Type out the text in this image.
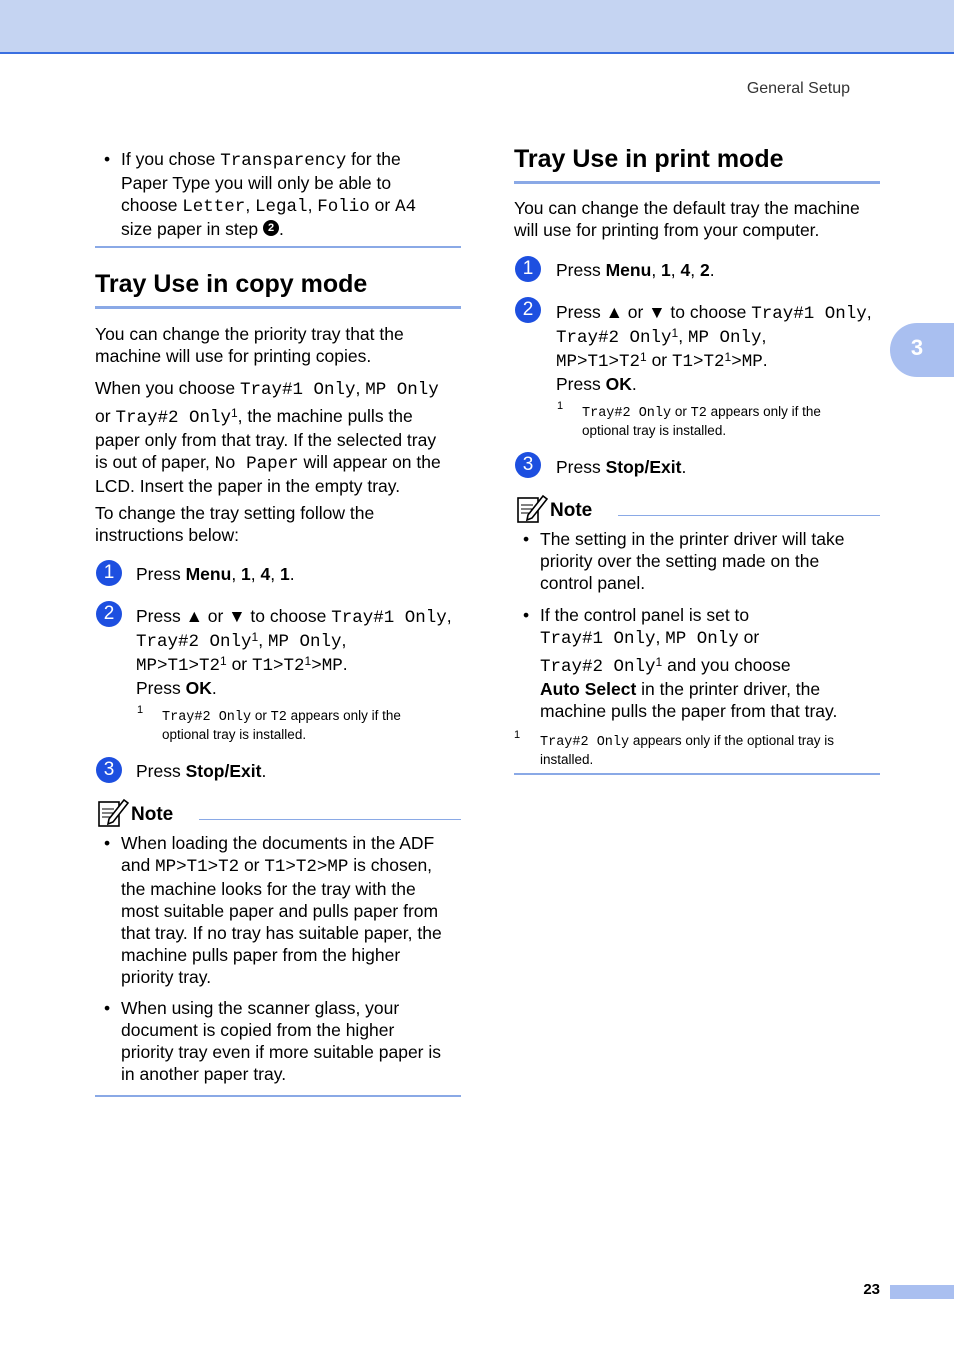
General Setup
3
• If you chose Transparency for the
Paper Type you will only be able to
choose Letter, Legal, Folio or A4
size paper in step 2 .
Tray Use in copy mode
You can change the priority tray that the
machine will use for printing copies.
When you choose Tray#1 Only, MP Only
or Tray#2 Only$^1$, the machine pulls the
paper only from that tray. If the selected tray
is out of paper, No Paper will appear on the
LCD. Insert the paper in the empty tray.
To change the tray setting follow the
instructions below:
1	Press Menu, 1, 4, 1.
2	Press ▲ or ▼ to choose Tray#1 Only,
Tray#2 Only$^1$, MP Only,
$MP>T1>T2^1$ or $T1>T2^1>MP$.
Press OK.
1 Tray#2 Only or T2 appears only if the
optional tray is installed.
3	Press Stop/Exit.
Note
• When loading the documents in the ADF
and MP>T1>T2 or T1>T2>MP is chosen,
the machine looks for the tray with the
most suitable paper and pulls paper from
that tray. If no tray has suitable paper, the
machine pulls paper from the higher
priority tray.
• When using the scanner glass, your
document is copied from the higher
priority tray even if more suitable paper is
in another paper tray.
Tray Use in print mode
You can change the default tray the machine
will use for printing from your computer.
1	Press Menu, 1, 4, 2.
2	Press ▲ or ▼ to choose Tray#1 Only,
Tray#2 Only$^1$, MP Only,
$MP>T1>T2^1$ or $T1>T2^1>MP$.
Press OK.
1 Tray#2 Only or T2 appears only if the
optional tray is installed.
3	Press Stop/Exit.
Note
• The setting in the printer driver will take
priority over the setting made on the
control panel.
• If the control panel is set to
Tray#1 Only, MP Only or
Tray#2 Only$^1$ and you choose
Auto Select in the printer driver, the
machine pulls the paper from that tray.
1 Tray#2 Only appears only if the optional tray is
installed.
23
